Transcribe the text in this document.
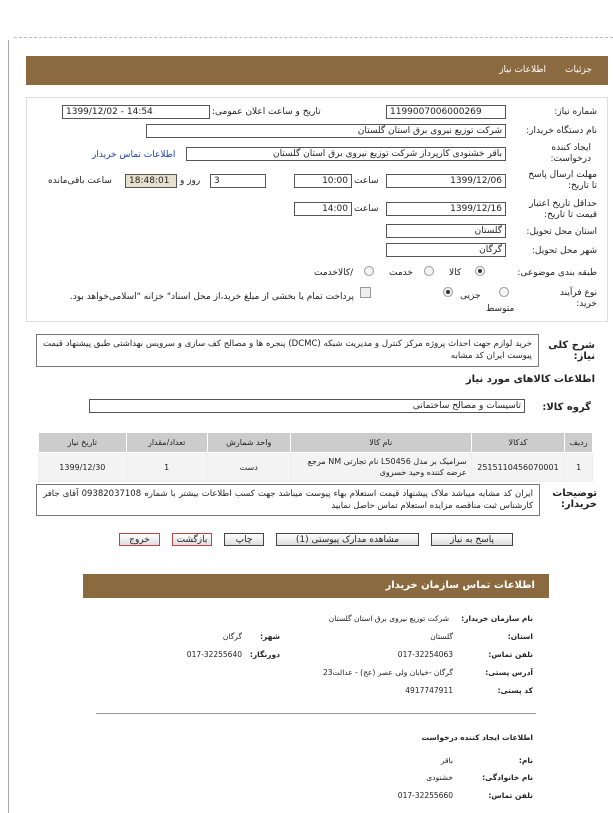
جزئیات
اطلاعات نیاز
شماره نیاز:
1199007006000269
تاریخ و ساعت اعلان عمومی:
1399/12/02 - 14:54
نام دستگاه خریدار:
شرکت توزیع نیروی برق استان گلستان
ایجاد کننده درخواست:
باقر خشنودی کارپرداز شرکت توزیع نیروی برق استان گلستان
اطلاعات تماس خریدار
مهلت ارسال پاسخ تا تاریخ:
1399/12/06
ساعت
10:00
3
روز و
18:48:01
ساعت باقی‌مانده
حداقل تاریخ اعتبار قیمت تا تاریخ:
1399/12/16
ساعت
14:00
استان محل تحویل:
گلستان
شهر محل تحویل:
گرگان
طبقه بندی موضوعی:
کالا
خدمت
/کالاخدمت
نوع فرآیند خرید:
متوسط
جزیی
پرداخت تمام یا بخشی از مبلغ خرید،از محل اسناد" خزانه "اسلامی‌خواهد بود.
شرح کلی نیاز:
خرید لوازم جهت احداث پروژه مرکز کنترل و مدیریت شبکه (DCMC) پنجره ها و مصالح کف سازی و سرویس بهداشتی طبق پیشنهاد قیمت پیوست ایران کد مشابه
اطلاعات کالاهای مورد نیاز
گروه کالا:
تاسیسات و مصالح ساختمانی
ردیف	کدکالا	نام کالا	واحد شمارش	تعداد/مقدار	تاریخ نیاز
1	2515110456070001	سرامیک بر مدل L50456 نام تجارتی NM مرجع عرضه کننده وحید خسروی	دست	1	1399/12/30
توضیحات خریدار:
ایران کد مشابه میباشد ملاک پیشنهاد قیمت استعلام بهاء پیوست میباشد جهت کسب اطلاعات بیشتر با شماره 09382037108 آقای جافر کارشناس ثبت مناقصه مزایده استعلام تماس حاصل نمایید
پاسخ به نیاز
مشاهده مدارک پیوستی (1)
چاپ
بازگشت
خروج
اطلاعات تماس سازمان خریدار
نام سازمان خریدار:
شرکت توزیع نیروی برق استان گلستان
استان:
گلستان
شهر:
گرگان
تلفن تماس:
017-32254063
دورنگار:
017-32255640
آدرس پستی:
گرگان -خیابان ولی عصر (عج) - عدالت23
کد پستی:
4917747911
اطلاعات ایجاد کننده درخواست
نام:
باقر
نام خانوادگی:
خشنودی
تلفن تماس:
017-32255660
